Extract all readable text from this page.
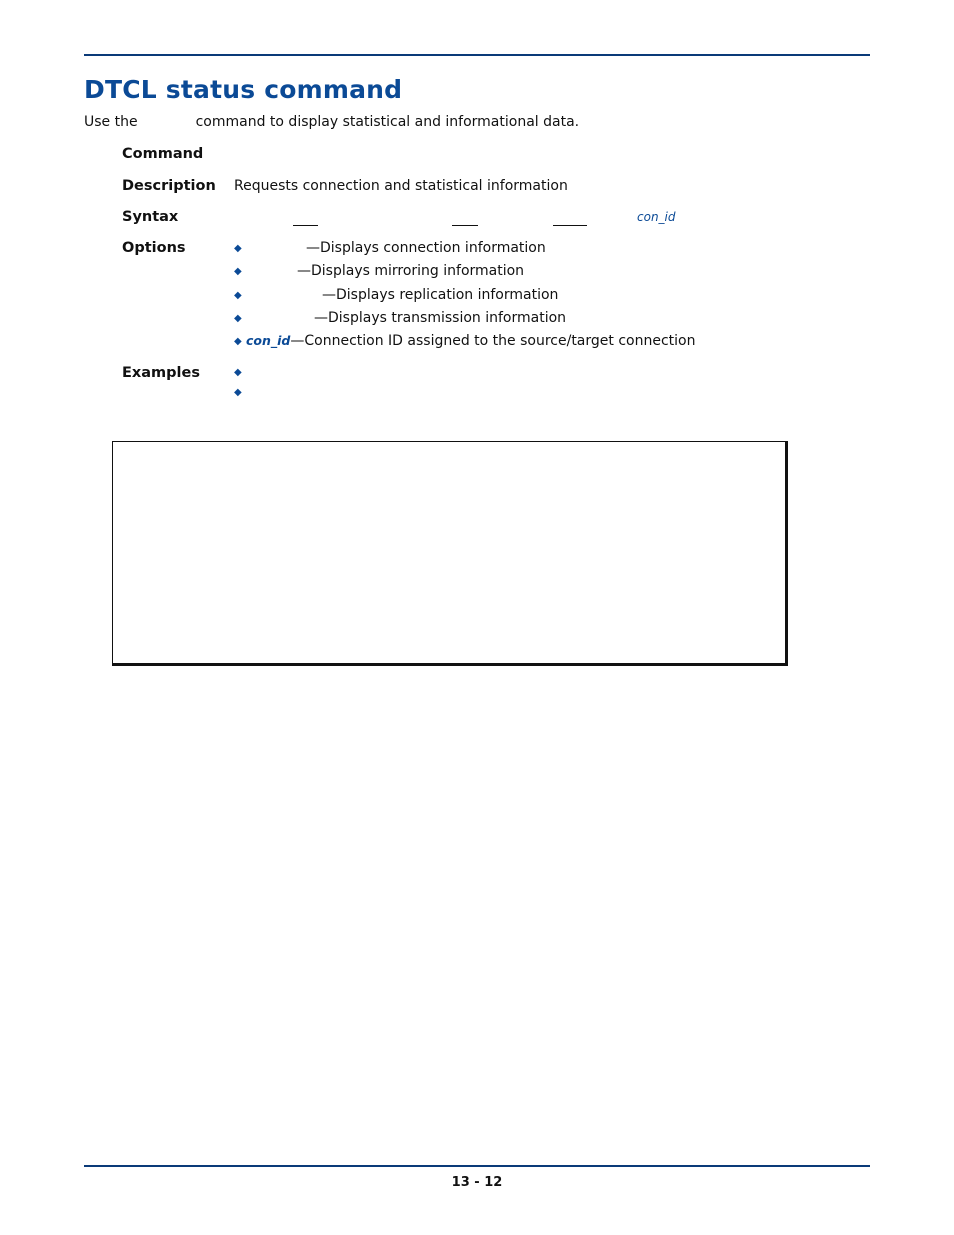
DTCL status command
Use the	command to display statistical and informational data.
Command
Description Requests connection and statistical information
Syntax	con_id
Options	◆	—Displays connection information
◆	—Displays mirroring information
◆	—Displays replication information
◆	—Displays transmission information
◆ con_id—Connection ID assigned to the source/target connection
Examples	◆
◆
13 - 12
